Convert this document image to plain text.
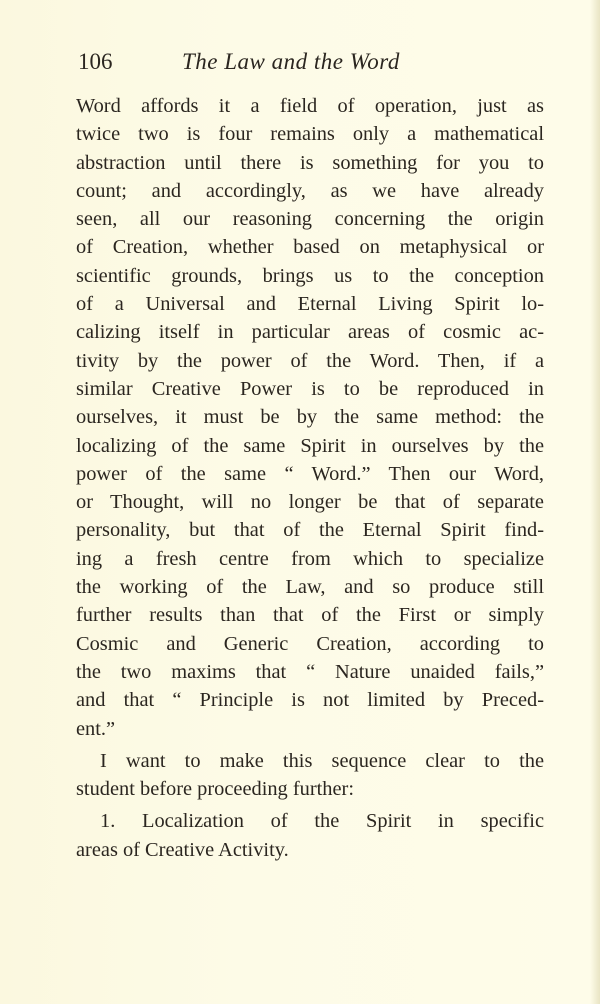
106	The Law and the Word
Word affords it a field of operation, just as
twice two is four remains only a mathematical
abstraction until there is something for you to
count; and accordingly, as we have already
seen, all our reasoning concerning the origin
of Creation, whether based on metaphysical or
scientific grounds, brings us to the conception
of a Universal and Eternal Living Spirit lo-
calizing itself in particular areas of cosmic ac-
tivity by the power of the Word. Then, if a
similar Creative Power is to be reproduced in
ourselves, it must be by the same method: the
localizing of the same Spirit in ourselves by the
power of the same “ Word.” Then our Word,
or Thought, will no longer be that of separate
personality, but that of the Eternal Spirit find-
ing a fresh centre from which to specialize
the working of the Law, and so produce still
further results than that of the First or simply
Cosmic and Generic Creation, according to
the two maxims that “ Nature unaided fails,”
and that “ Principle is not limited by Preced-
ent.”
I want to make this sequence clear to the
student before proceeding further:
1. Localization of the Spirit in specific
areas of Creative Activity.
